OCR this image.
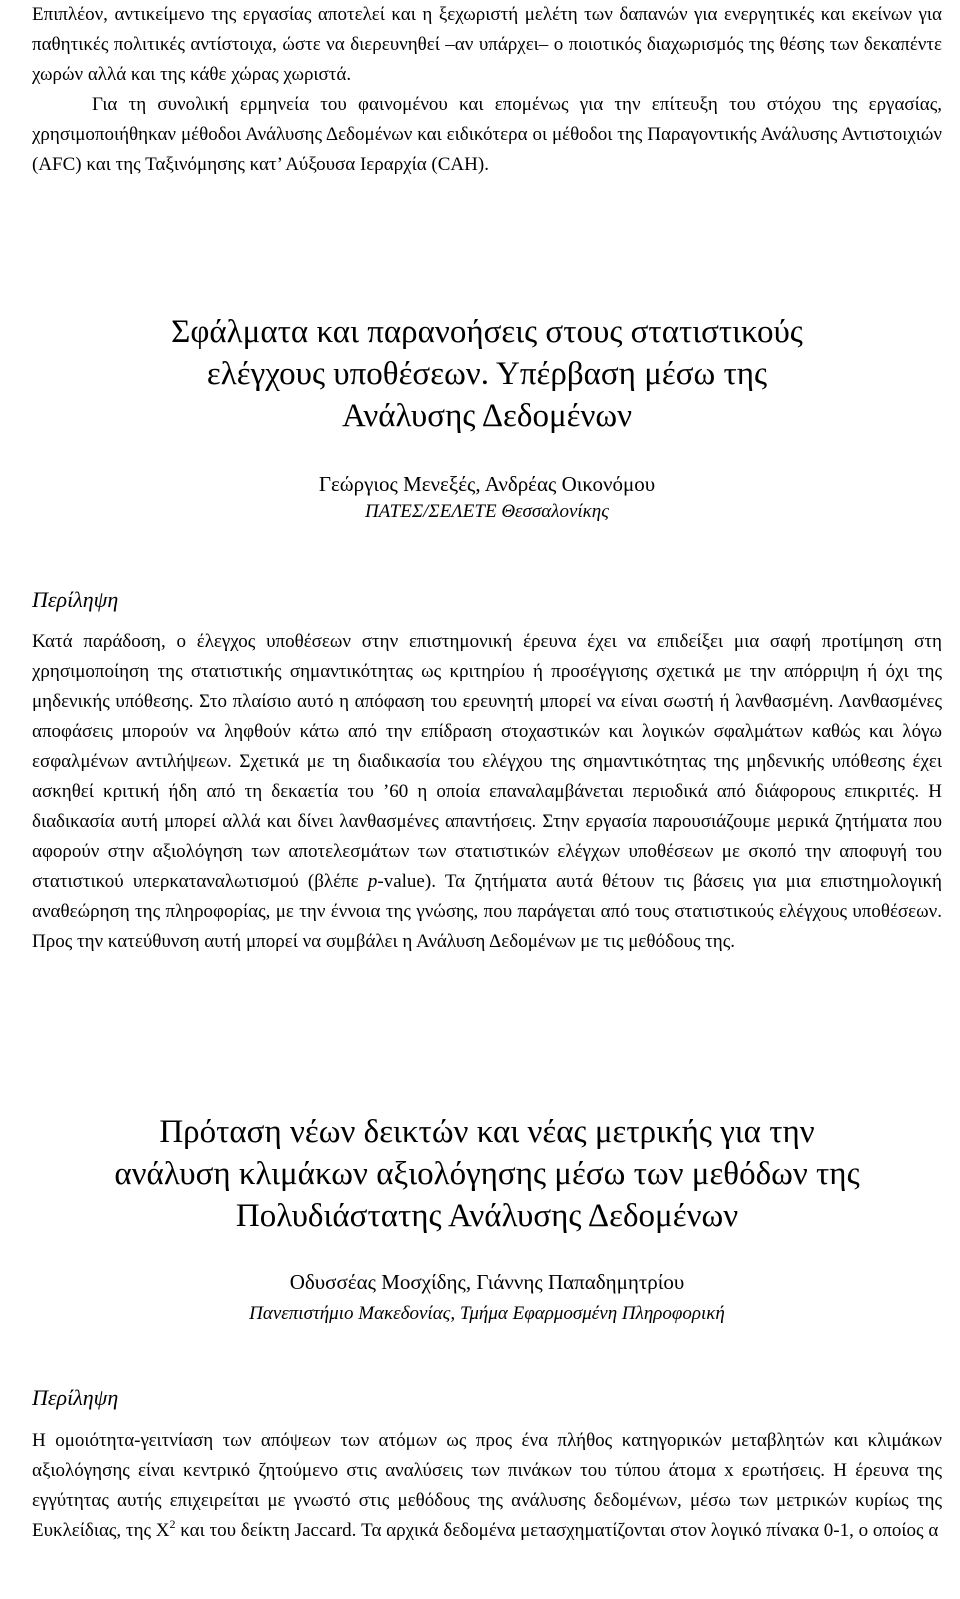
Επιπλέον, αντικείμενο της εργασίας αποτελεί και η ξεχωριστή μελέτη των δαπανών για ενεργητικές και εκείνων για παθητικές πολιτικές αντίστοιχα, ώστε να διερευνηθεί –αν υπάρχει– ο ποιοτικός διαχωρισμός της θέσης των δεκαπέντε χωρών αλλά και της κάθε χώρας χωριστά.

Για τη συνολική ερμηνεία του φαινομένου και επομένως για την επίτευξη του στόχου της εργασίας, χρησιμοποιήθηκαν μέθοδοι Ανάλυσης Δεδομένων και ειδικότερα οι μέθοδοι της Παραγοντικής Ανάλυσης Αντιστοιχιών (AFC) και της Ταξινόμησης κατ’ Αύξουσα Ιεραρχία (CAH).

Σφάλματα και παρανοήσεις στους στατιστικούς
ελέγχους υποθέσεων. Υπέρβαση μέσω της
Ανάλυσης Δεδομένων
Γεώργιος Μενεξές, Ανδρέας Οικονόμου
ΠΑΤΕΣ/ΣΕΛΕΤΕ Θεσσαλονίκης
Περίληψη

Κατά παράδοση, ο έλεγχος υποθέσεων στην επιστημονική έρευνα έχει να επιδείξει μια σαφή προτίμηση στη χρησιμοποίηση της στατιστικής σημαντικότητας ως κριτηρίου ή προσέγγισης σχετικά με την απόρριψη ή όχι της μηδενικής υπόθεσης. Στο πλαίσιο αυτό η απόφαση του ερευνητή μπορεί να είναι σωστή ή λανθασμένη. Λανθασμένες αποφάσεις μπορούν να ληφθούν κάτω από την επίδραση στοχαστικών και λογικών σφαλμάτων καθώς και λόγω εσφαλμένων αντιλήψεων. Σχετικά με τη διαδικασία του ελέγχου της σημαντικότητας της μηδενικής υπόθεσης έχει ασκηθεί κριτική ήδη από τη δεκαετία του ’60 η οποία επαναλαμβάνεται περιοδικά από διάφορους επικριτές. Η διαδικασία αυτή μπορεί αλλά και δίνει λανθασμένες απαντήσεις. Στην εργασία παρουσιάζουμε μερικά ζητήματα που αφορούν στην αξιολόγηση των αποτελεσμάτων των στατιστικών ελέγχων υποθέσεων με σκοπό την αποφυγή του στατιστικού υπερκαταναλωτισμού (βλέπε p-value). Τα ζητήματα αυτά θέτουν τις βάσεις για μια επιστημολογική αναθεώρηση της πληροφορίας, με την έννοια της γνώσης, που παράγεται από τους στατιστικούς ελέγχους υποθέσεων. Προς την κατεύθυνση αυτή μπορεί να συμβάλει η Ανάλυση Δεδομένων με τις μεθόδους της.

Πρόταση νέων δεικτών και νέας μετρικής για την
ανάλυση κλιμάκων αξιολόγησης μέσω των μεθόδων της
Πολυδιάστατης Ανάλυσης Δεδομένων
Οδυσσέας Μοσχίδης, Γιάννης Παπαδημητρίου
Πανεπιστήμιο Μακεδονίας, Τμήμα Εφαρμοσμένη Πληροφορική
Περίληψη

Η ομοιότητα-γειτνίαση των απόψεων των ατόμων ως προς ένα πλήθος κατηγορικών μεταβλητών και κλιμάκων αξιολόγησης είναι κεντρικό ζητούμενο στις αναλύσεις των πινάκων του τύπου άτομα x ερωτήσεις. Η έρευνα της εγγύτητας αυτής επιχειρείται με γνωστό στις μεθόδους της ανάλυσης δεδομένων, μέσω των μετρικών κυρίως της Ευκλείδιας, της $X^2$ και του δείκτη Jaccard. Τα αρχικά δεδομένα μετασχηματίζονται στον λογικό πίνακα 0-1, ο οποίος α
